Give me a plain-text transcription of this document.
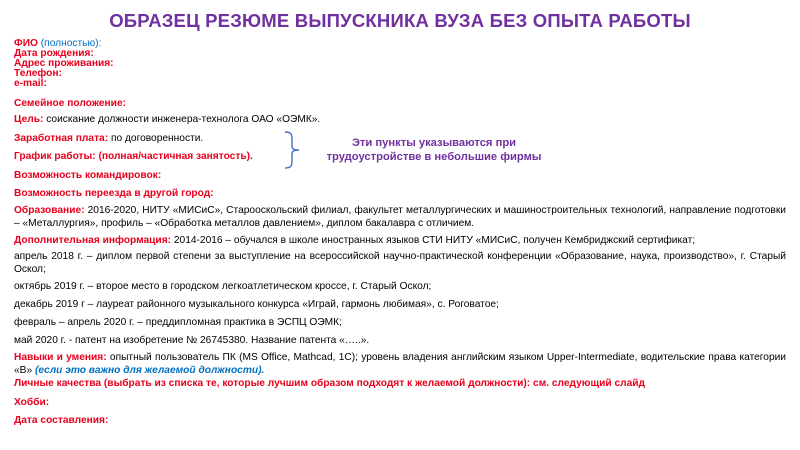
ОБРАЗЕЦ РЕЗЮМЕ ВЫПУСКНИКА ВУЗА БЕЗ ОПЫТА РАБОТЫ
ФИО (полностью):
Дата рождения:
Адрес проживания:
Телефон:
e-mail:
Семейное положение:
Цель: соискание должности инженера-технолога ОАО «ОЭМК».
Заработная плата: по договоренности.
График работы: (полная/частичная занятость).
Возможность командировок:
Возможность переезда в другой город:
Эти пункты указываются при
трудоустройстве в небольшие фирмы
Образование: 2016-2020, НИТУ «МИСиС», Старооскольский филиал, факультет металлургических и машиностроительных технологий, направление подготовки – «Металлургия», профиль – «Обработка металлов давлением», диплом бакалавра с отличием.
Дополнительная информация: 2014-2016 – обучался в школе иностранных языков СТИ НИТУ «МИСиС, получен Кембриджский сертификат;
апрель 2018 г. – диплом первой степени за выступление на всероссийской научно-практической конференции «Образование, наука, производство», г. Старый Оскол;
октябрь 2019 г. – второе место в городском легкоатлетическом кроссе, г. Старый Оскол;
декабрь 2019 г – лауреат районного музыкального конкурса «Играй, гармонь любимая», с. Роговатое;
февраль – апрель 2020 г. – преддипломная практика в ЭСПЦ ОЭМК;
май 2020 г. - патент на изобретение № 26745380. Название патента «…..».
Навыки и умения: опытный пользователь ПК (MS Office, Mathcad, 1С); уровень владения английским языком Upper-Intermediate, водительские права категории «В» (если это важно для желаемой должности).
Личные качества (выбрать из списка те, которые лучшим образом подходят к желаемой должности): см. следующий слайд
Хобби:
Дата составления:
